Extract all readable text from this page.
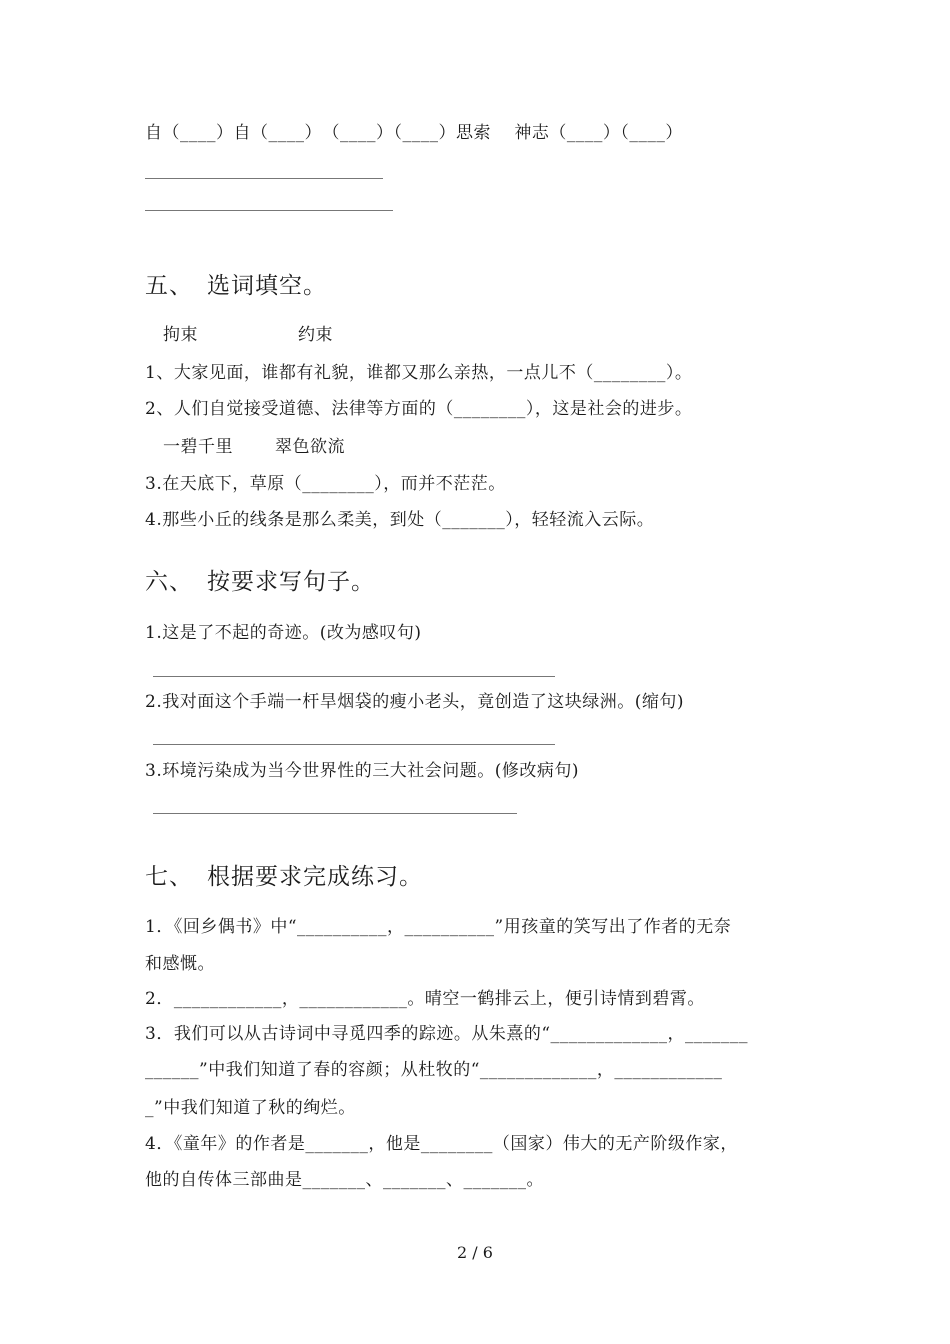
自（____）自（____）　（____）（____）思索　 神志（____）（____）
五、 选词填空。
拘束	约束
1、大家见面，谁都有礼貌，谁都又那么亲热，一点儿不（________）。
2、人们自觉接受道德、法律等方面的（________），这是社会的进步。
一碧千里 翠色欲流
3.在天底下，草原（________），而并不茫茫。
4.那些小丘的线条是那么柔美，到处（_______），轻轻流入云际。
六、 按要求写句子。
1.这是了不起的奇迹。(改为感叹句)
2.我对面这个手端一杆旱烟袋的瘦小老头，竟创造了这块绿洲。(缩句)
3.环境污染成为当今世界性的三大社会问题。(修改病句)
七、 根据要求完成练习。
1．《回乡偶书》中“__________，__________”用孩童的笑写出了作者的无奈
和感慨。
2．____________，____________。晴空一鹤排云上，便引诗情到碧霄。
3．我们可以从古诗词中寻觅四季的踪迹。从朱熹的“_____________，_______
______”中我们知道了春的容颜；从杜牧的“_____________，____________
_”中我们知道了秋的绚烂。
4．《童年》的作者是_______，他是________（国家）伟大的无产阶级作家，
他的自传体三部曲是_______、_______、_______。
2 / 6
